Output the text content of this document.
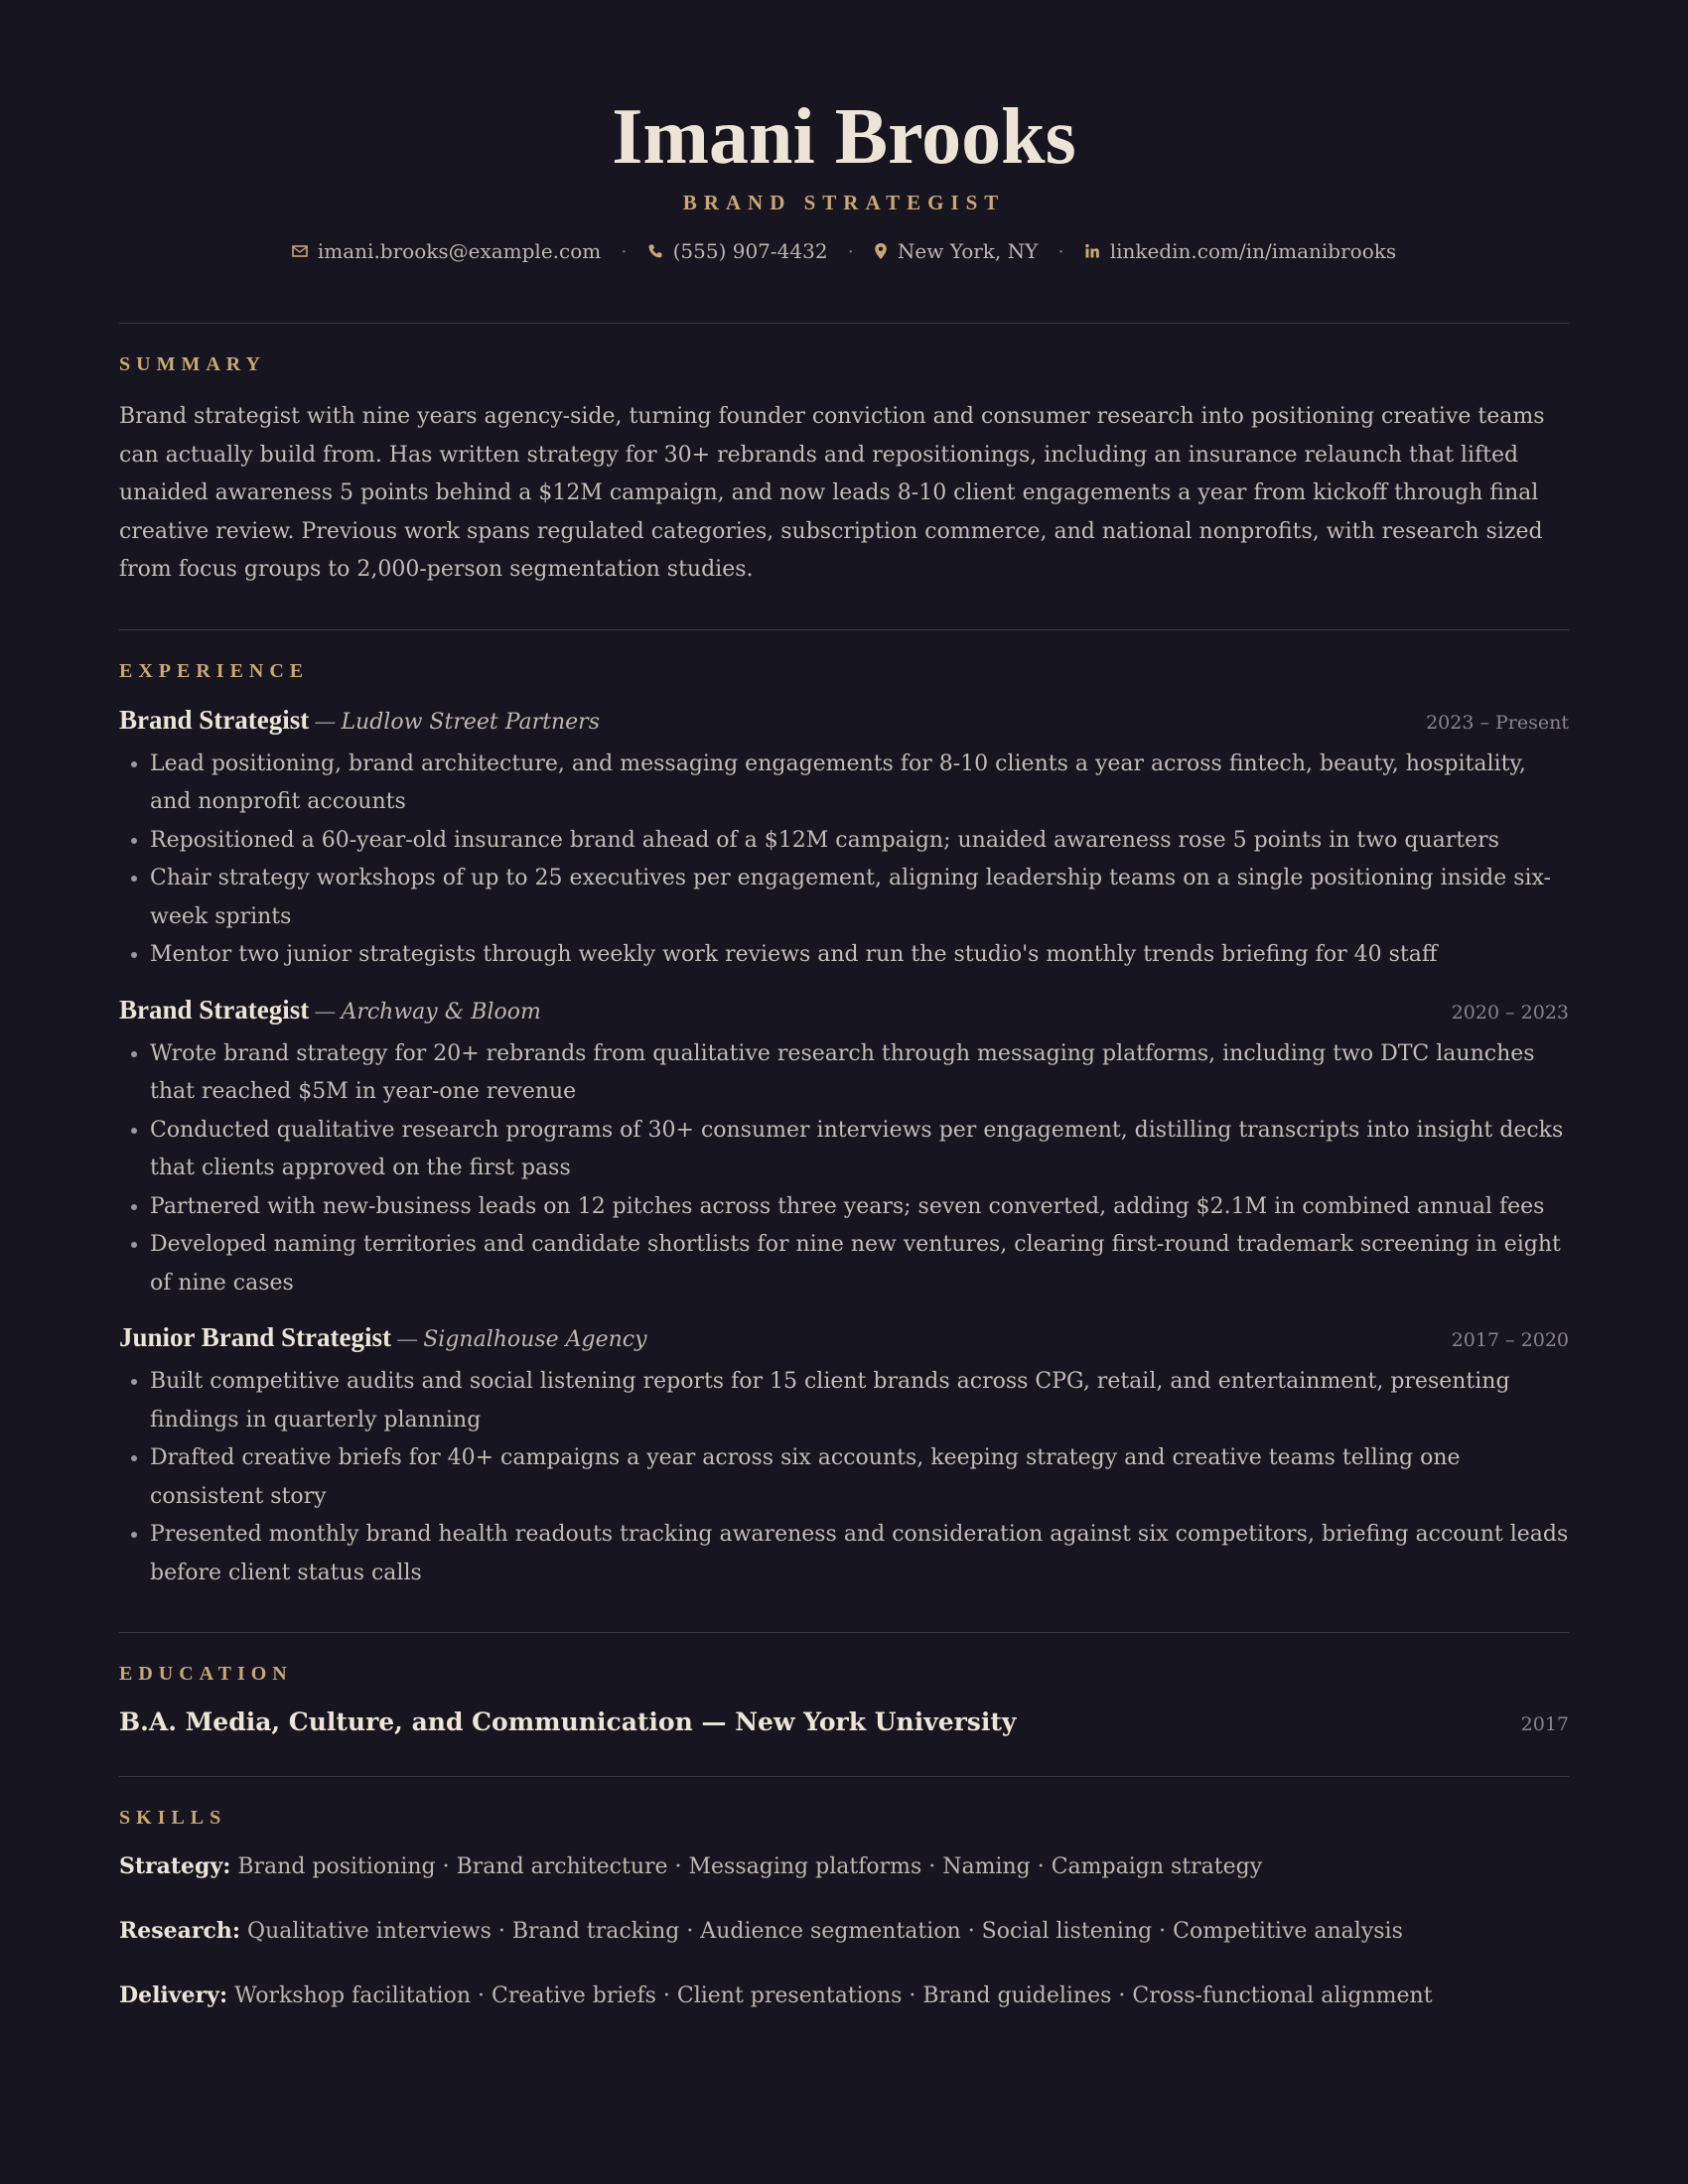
Imani Brooks
BRAND STRATEGIST
imani.brooks@example.com · (555) 907-4432 · New York, NY · linkedin.com/in/imanibrooks
SUMMARY

Brand strategist with nine years agency-side, turning founder conviction and consumer research into positioning creative teams can actually build from. Has written strategy for 30+ rebrands and repositionings, including an insurance relaunch that lifted unaided awareness 5 points behind a $12M campaign, and now leads 8-10 client engagements a year from kickoff through final creative review. Previous work spans regulated categories, subscription commerce, and national nonprofits, with research sized from focus groups to 2,000-person segmentation studies.

EXPERIENCE
Brand Strategist — Ludlow Street Partners	2023 – Present
• Lead positioning, brand architecture, and messaging engagements for 8-10 clients a year across fintech, beauty, hospitality, and nonprofit accounts
• Repositioned a 60-year-old insurance brand ahead of a $12M campaign; unaided awareness rose 5 points in two quarters
• Chair strategy workshops of up to 25 executives per engagement, aligning leadership teams on a single positioning inside six-week sprints
• Mentor two junior strategists through weekly work reviews and run the studio's monthly trends briefing for 40 staff
Brand Strategist — Archway & Bloom	2020 – 2023
• Wrote brand strategy for 20+ rebrands from qualitative research through messaging platforms, including two DTC launches that reached $5M in year-one revenue
• Conducted qualitative research programs of 30+ consumer interviews per engagement, distilling transcripts into insight decks that clients approved on the first pass
• Partnered with new-business leads on 12 pitches across three years; seven converted, adding $2.1M in combined annual fees
• Developed naming territories and candidate shortlists for nine new ventures, clearing first-round trademark screening in eight of nine cases
Junior Brand Strategist — Signalhouse Agency	2017 – 2020
• Built competitive audits and social listening reports for 15 client brands across CPG, retail, and entertainment, presenting findings in quarterly planning
• Drafted creative briefs for 40+ campaigns a year across six accounts, keeping strategy and creative teams telling one consistent story
• Presented monthly brand health readouts tracking awareness and consideration against six competitors, briefing account leads before client status calls
EDUCATION
B.A. Media, Culture, and Communication — New York University	2017
SKILLS
Strategy: Brand positioning · Brand architecture · Messaging platforms · Naming · Campaign strategy
Research: Qualitative interviews · Brand tracking · Audience segmentation · Social listening · Competitive analysis
Delivery: Workshop facilitation · Creative briefs · Client presentations · Brand guidelines · Cross-functional alignment
